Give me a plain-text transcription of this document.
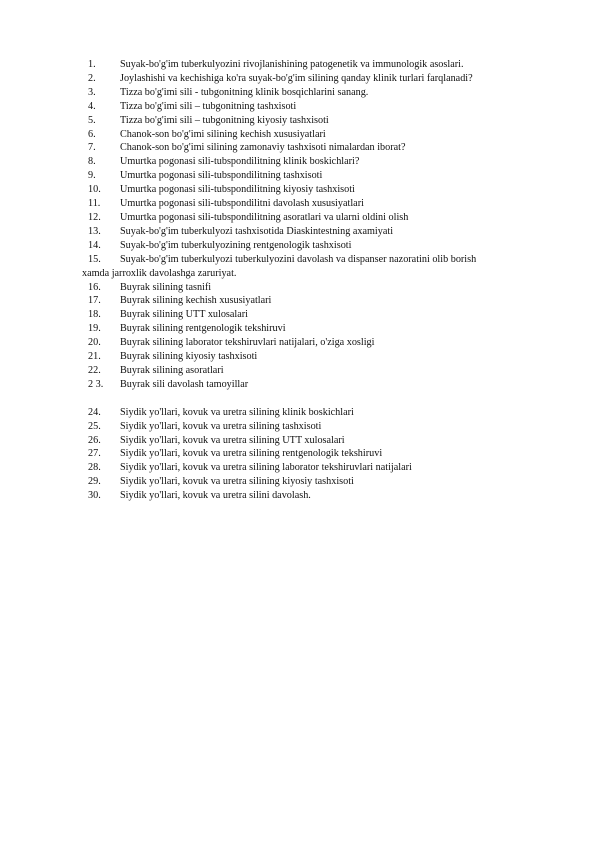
1. Suyak-bo'g'im tuberkulyozini rivojlanishining patogenetik va immunologik asoslari.
2. Joylashishi va kechishiga ko'ra suyak-bo'g'im silining qanday klinik turlari farqlanadi?
3. Tizza bo'g'imi sili - tubgonitning klinik bosqichlarini sanang.
4. Tizza bo'g'imi sili – tubgonitning tashxisoti
5. Tizza bo'g'imi sili – tubgonitning kiyosiy tashxisoti
6. Chanok-son bo'g'imi silining kechish xususiyatlari
7. Chanok-son bo'g'imi silining zamonaviy tashxisoti nimalardan iborat?
8. Umurtka pogonasi sili-tubspondilitning klinik boskichlari?
9. Umurtka pogonasi sili-tubspondilitning tashxisoti
10. Umurtka pogonasi sili-tubspondilitning kiyosiy tashxisoti
11. Umurtka pogonasi sili-tubspondilitni davolash xususiyatlari
12. Umurtka pogonasi sili-tubspondilitning asoratlari va ularni oldini olish
13. Suyak-bo'g'im tuberkulyozi tashxisotida Diaskintestning axamiyati
14. Suyak-bo'g'im tuberkulyozining rentgenologik tashxisoti
15. Suyak-bo'g'im tuberkulyozi tuberkulyozini davolash va dispanser nazoratini olib borish
xamda jarroxlik davolashga zaruriyat.
16. Buyrak silining tasnifi
17. Buyrak silining kechish xususiyatlari
18. Buyrak silining UTT xulosalari
19. Buyrak silining rentgenologik tekshiruvi
20. Buyrak silining laborator tekshiruvlari natijalari, o'ziga xosligi
21. Buyrak silining kiyosiy tashxisoti
22. Buyrak silining asoratlari
2 3. Buyrak sili davolash tamoyillar
24. Siydik yo'llari, kovuk va uretra silining klinik boskichlari
25. Siydik yo'llari, kovuk va uretra silining tashxisoti
26. Siydik yo'llari, kovuk va uretra silining UTT xulosalari
27. Siydik yo'llari, kovuk va uretra silining rentgenologik tekshiruvi
28. Siydik yo'llari, kovuk va uretra silining laborator tekshiruvlari natijalari
29. Siydik yo'llari, kovuk va uretra silining kiyosiy tashxisoti
30. Siydik yo'llari, kovuk va uretra silini davolash.
